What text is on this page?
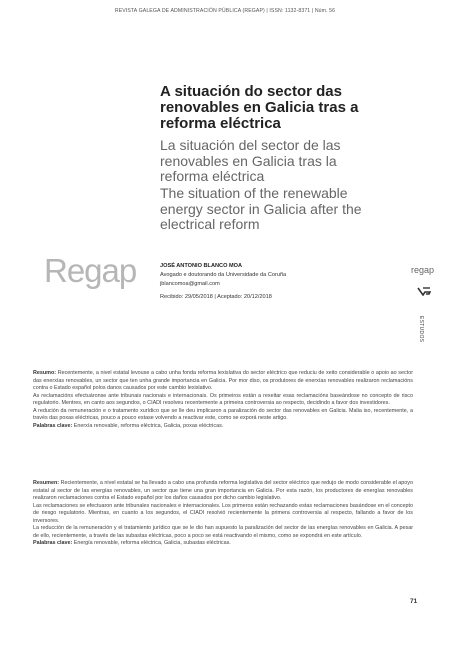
REVISTA GALEGA DE ADMINISTRACIÓN PÚBLICA (REGAP) | ISSN: 1132-8371 | Núm. 56
A situación do sector das renovables en Galicia tras a reforma eléctrica
La situación del sector de las renovables en Galicia tras la reforma eléctrica
The situation of the renewable energy sector in Galicia after the electrical reform
Regap	JOSÉ ANTONIO BLANCO MOA
Avogado e doutorando da Universidade da Coruña
jblancomoa@gmail.com
Recibido: 29/05/2018 | Aceptado: 20/12/2018
regap
ESTUDOS

Resumo: Recentemente, a nivel estatal levouse a cabo unha fonda reforma lexislativa do sector eléctrico que reduciu de xeito considerable o apoio ao sector das enerxías renovables, un sector que ten unha grande importancia en Galicia. Por mor diso, os produtores de enerxías renovables realizaron reclamacións contra o Estado español polos danos causados por este cambio lexislativo.

As reclamacións efectuáronse ante tribunais nacionais e internacionais. Os primeiros están a rexeitar esas reclamacións baseándose no concepto de risco regulatorio. Mentres, en canto aos segundos, o CIADI resolveu recentemente a primeira controversia ao respecto, decidindo a favor dos investidores.

A redución da remuneración e o tratamento xurídico que se lle deu implicaron a paralización do sector das renovables en Galicia. Malia iso, recentemente, a través das poxas eléctricas, pouco a pouco estase volvendo a reactivar este, como se exporá neste artigo.

Palabras clave: Enerxía renovable, reforma eléctrica, Galicia, poxas eléctricas.

Resumen: Recientemente, a nivel estatal se ha llevado a cabo una profunda reforma legislativa del sector eléctrico que redujo de modo considerable el apoyo estatal al sector de las energías renovables, un sector que tiene una gran importancia en Galicia. Por esta razón, los productores de energías renovables realizaron reclamaciones contra el Estado español por los daños causados por dicho cambio legislativo.

Las reclamaciones se efectuaron ante tribunales nacionales e internacionales. Los primeros están rechazando estas reclamaciones basándose en el concepto de riesgo regulatorio. Mientras, en cuanto a los segundos, el CIADI resolvió recientemente la primera controversia al respecto, fallando a favor de los inversores.

La reducción de la remuneración y el tratamiento jurídico que se le dio han supuesto la paralización del sector de las energías renovables en Galicia. A pesar de ello, recientemente, a través de las subastas eléctricas, poco a poco se está reactivando el mismo, como se expondrá en este artículo.

Palabras clave: Energía renovable, reforma eléctrica, Galicia, subastas eléctricas.

71
